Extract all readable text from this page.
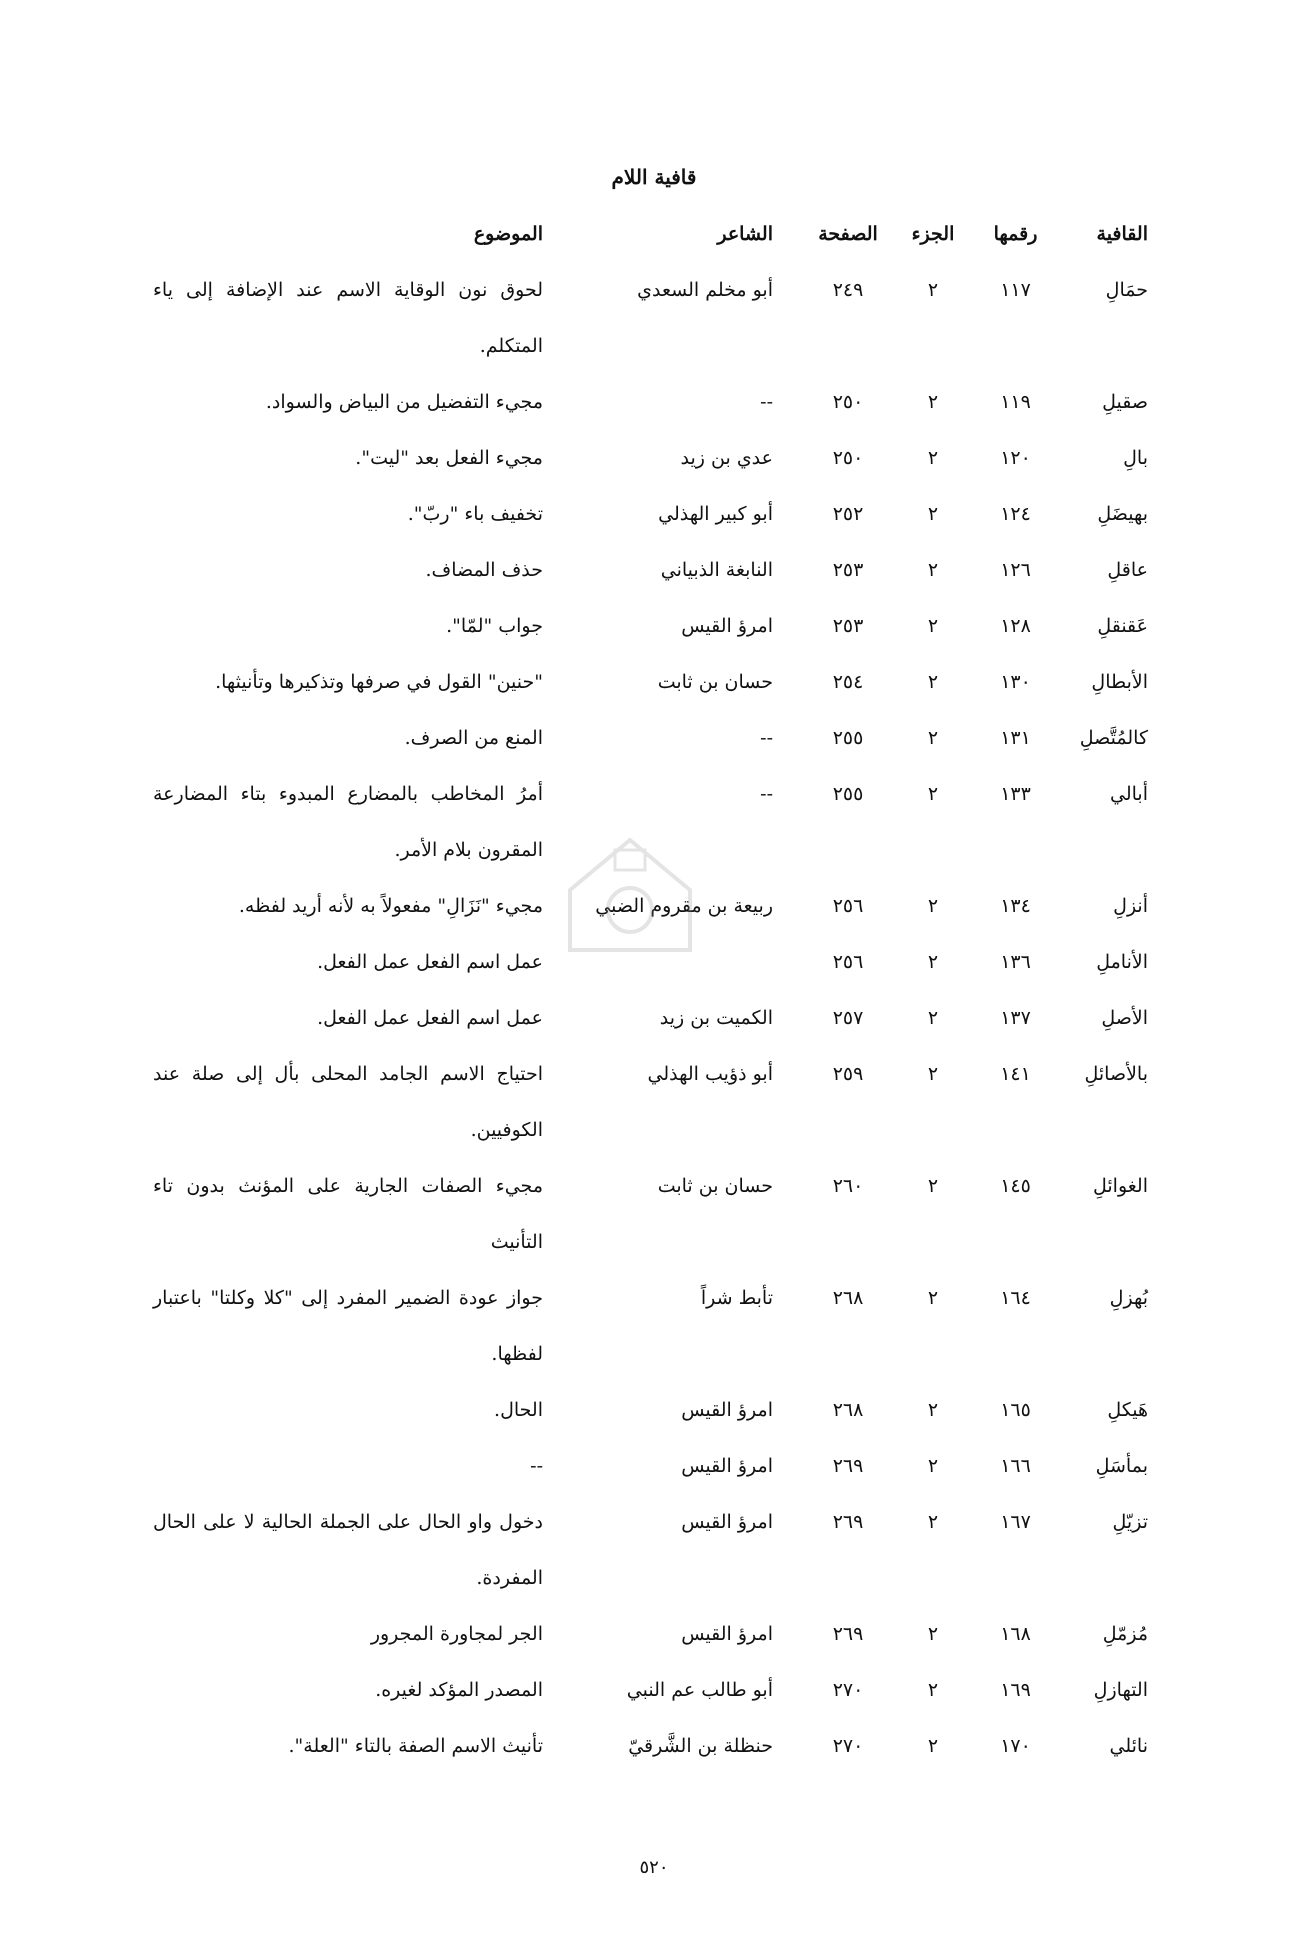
قافية اللام
القافية
رقمها
الجزء
الصفحة
الشاعر
الموضوع
حمَالِ
١١٧
٢
٢٤٩
أبو مخلم السعدي
لحوق نون الوقاية الاسم عند الإضافة إلى ياء المتكلم.
صقيلِ
١١٩
٢
٢٥٠
--
مجيء التفضيل من البياض والسواد.
بالِ
١٢٠
٢
٢٥٠
عدي بن زيد
مجيء الفعل بعد "ليت".
بهيضَلِ
١٢٤
٢
٢٥٢
أبو كبير الهذلي
تخفيف باء "ربّ".
عاقلِ
١٢٦
٢
٢٥٣
النابغة الذبياني
حذف المضاف.
عَقنقلِ
١٢٨
٢
٢٥٣
امرؤ القيس
جواب "لمّا".
الأبطالِ
١٣٠
٢
٢٥٤
حسان بن ثابت
"حنين" القول في صرفها وتذكيرها وتأنيثها.
كالمُتَّصلِ
١٣١
٢
٢٥٥
--
المنع من الصرف.
أبالي
١٣٣
٢
٢٥٥
--
أمرُ المخاطب بالمضارع المبدوء بتاء المضارعة المقرون بلام الأمر.
أنزلِ
١٣٤
٢
٢٥٦
ربيعة بن مقروم الضبي
مجيء "نَزَالِ" مفعولاً به لأنه أريد لفظه.
الأناملِ
١٣٦
٢
٢٥٦
عمل اسم الفعل عمل الفعل.
الأصلِ
١٣٧
٢
٢٥٧
الكميت بن زيد
عمل اسم الفعل عمل الفعل.
بالأصائلِ
١٤١
٢
٢٥٩
أبو ذؤيب الهذلي
احتياج الاسم الجامد المحلى بأل إلى صلة عند الكوفيين.
الغوائلِ
١٤٥
٢
٢٦٠
حسان بن ثابت
مجيء الصفات الجارية على المؤنث بدون تاء التأنيث
بُهزلِ
١٦٤
٢
٢٦٨
تأبط شراً
جواز عودة الضمير المفرد إلى "كلا وكلتا" باعتبار لفظها.
هَيكلِ
١٦٥
٢
٢٦٨
امرؤ القيس
الحال.
بمأسَلِ
١٦٦
٢
٢٦٩
امرؤ القيس
--
تزيّلِ
١٦٧
٢
٢٦٩
امرؤ القيس
دخول واو الحال على الجملة الحالية لا على الحال المفردة.
مُزمّلِ
١٦٨
٢
٢٦٩
امرؤ القيس
الجر لمجاورة المجرور
التهازلِ
١٦٩
٢
٢٧٠
أبو طالب عم النبي
المصدر المؤكد لغيره.
نائلي
١٧٠
٢
٢٧٠
حنظلة بن الشَّرقيّ
تأنيث الاسم الصفة بالتاء "العلة".
٥٢٠
